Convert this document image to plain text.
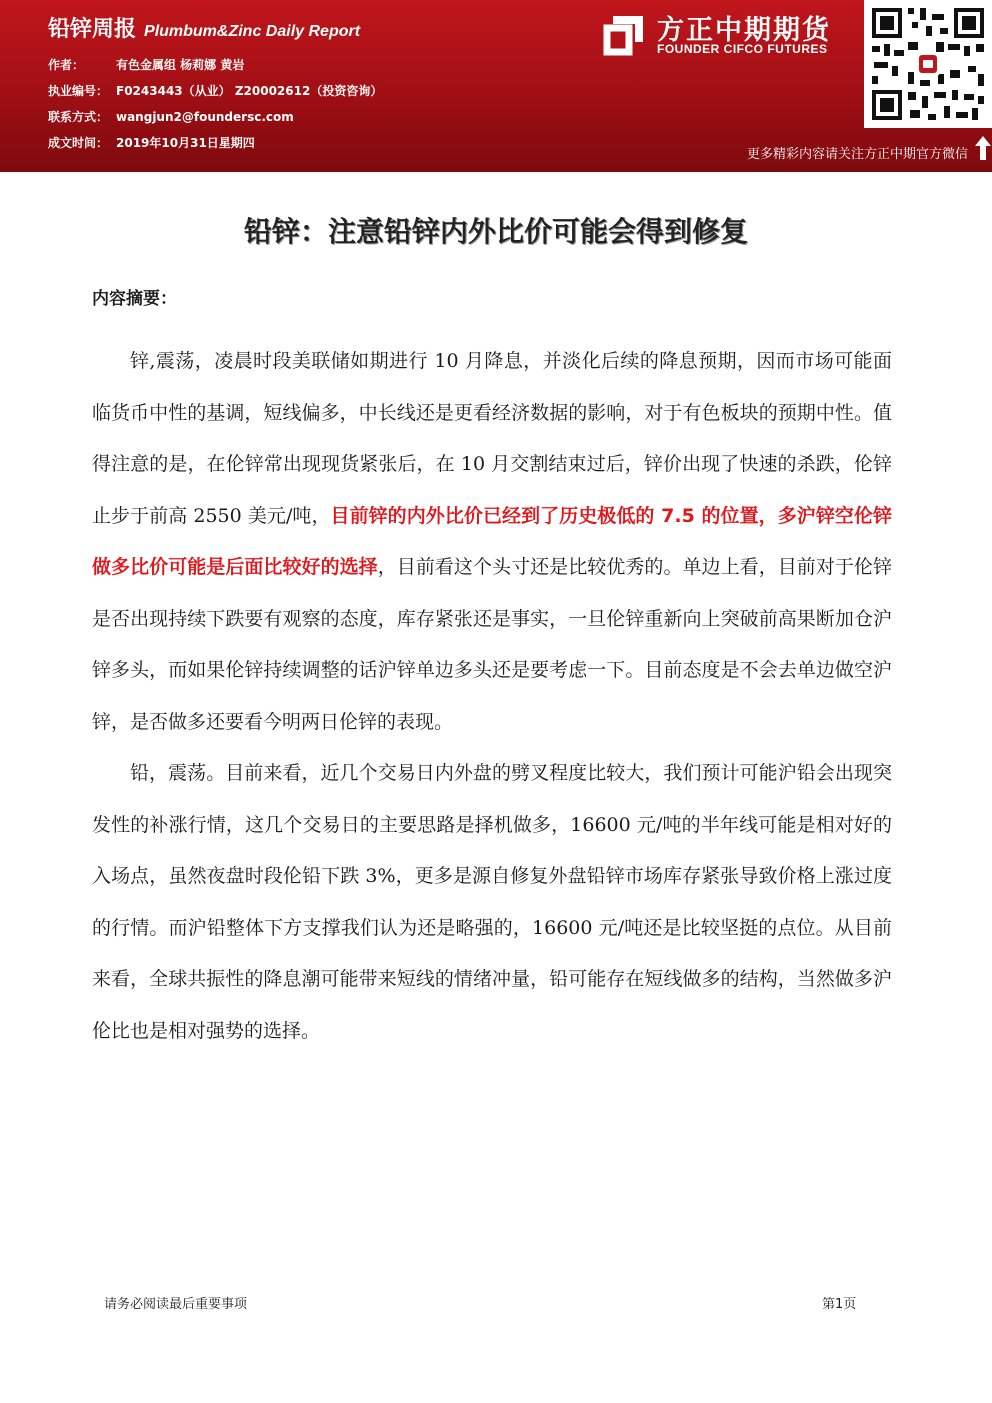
铅锌周报 Plumbum&Zinc Daily Report
作者：	有色金属组 杨莉娜 黄岩
执业编号： F0243443（从业） Z20002612（投资咨询）
联系方式： wangjun2@foundersc.com
成文时间： 2019年10月31日星期四
方正中期期货
FOUNDER CIFCO FUTURES
更多精彩内容请关注方正中期官方微信
铅锌：注意铅锌内外比价可能会得到修复
内容摘要：

锌,震荡，凌晨时段美联储如期进行 10 月降息，并淡化后续的降息预期，因而市场可能面临货币中性的基调，短线偏多，中长线还是更看经济数据的影响，对于有色板块的预期中性。值得注意的是，在伦锌常出现现货紧张后，在 10 月交割结束过后，锌价出现了快速的杀跌，伦锌止步于前高 2550 美元/吨，目前锌的内外比价已经到了历史极低的 7.5 的位置，多沪锌空伦锌做多比价可能是后面比较好的选择，目前看这个头寸还是比较优秀的。单边上看，目前对于伦锌是否出现持续下跌要有观察的态度，库存紧张还是事实，一旦伦锌重新向上突破前高果断加仓沪锌多头，而如果伦锌持续调整的话沪锌单边多头还是要考虑一下。目前态度是不会去单边做空沪锌，是否做多还要看今明两日伦锌的表现。

铅，震荡。目前来看，近几个交易日内外盘的劈叉程度比较大，我们预计可能沪铅会出现突发性的补涨行情，这几个交易日的主要思路是择机做多，16600 元/吨的半年线可能是相对好的入场点，虽然夜盘时段伦铅下跌 3%，更多是源自修复外盘铅锌市场库存紧张导致价格上涨过度的行情。而沪铅整体下方支撑我们认为还是略强的，16600 元/吨还是比较坚挺的点位。从目前来看，全球共振性的降息潮可能带来短线的情绪冲量，铅可能存在短线做多的结构，当然做多沪伦比也是相对强势的选择。

请务必阅读最后重要事项	第1页
